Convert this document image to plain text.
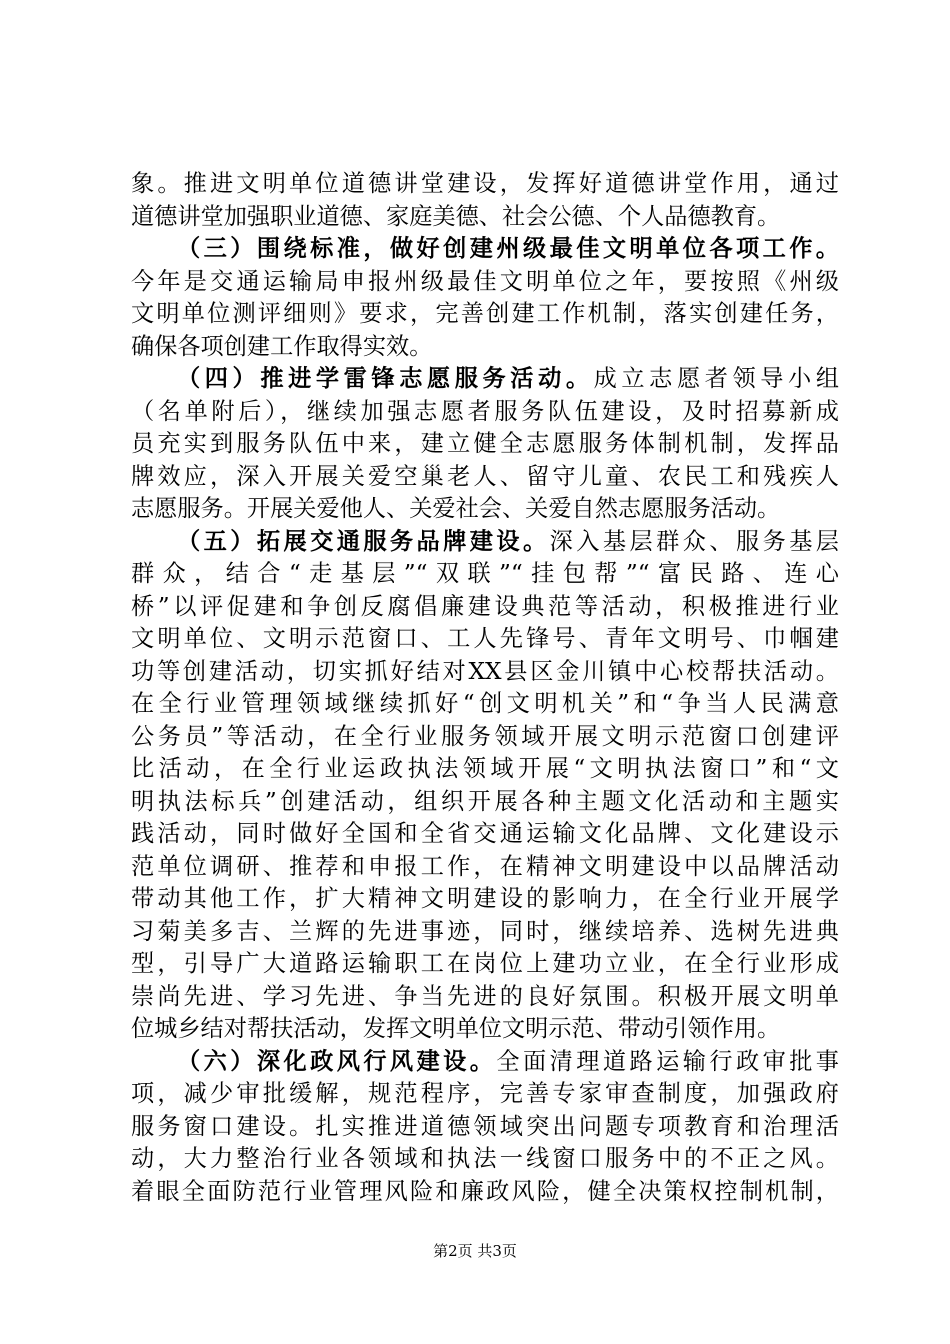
象。推进文明单位道德讲堂建设，发挥好道德讲堂作用，通过
道德讲堂加强职业道德、家庭美德、社会公德、个人品德教育。
（三）围绕标准，做好创建州级最佳文明单位各项工作。
今年是交通运输局申报州级最佳文明单位之年，要按照《州级
文明单位测评细则》要求，完善创建工作机制，落实创建任务，
确保各项创建工作取得实效。
（四）推进学雷锋志愿服务活动。成立志愿者领导小组
（名单附后），继续加强志愿者服务队伍建设，及时招募新成
员充实到服务队伍中来，建立健全志愿服务体制机制，发挥品
牌效应，深入开展关爱空巢老人、留守儿童、农民工和残疾人
志愿服务。开展关爱他人、关爱社会、关爱自然志愿服务活动。
（五）拓展交通服务品牌建设。深入基层群众、服务基层
群众，结合“走基层”“双联”“挂包帮”“富民路、连心
桥”以评促建和争创反腐倡廉建设典范等活动，积极推进行业
文明单位、文明示范窗口、工人先锋号、青年文明号、巾帼建
功等创建活动，切实抓好结对XX县区金川镇中心校帮扶活动。
在全行业管理领域继续抓好“创文明机关”和“争当人民满意
公务员”等活动，在全行业服务领域开展文明示范窗口创建评
比活动，在全行业运政执法领域开展“文明执法窗口”和“文
明执法标兵”创建活动，组织开展各种主题文化活动和主题实
践活动，同时做好全国和全省交通运输文化品牌、文化建设示
范单位调研、推荐和申报工作，在精神文明建设中以品牌活动
带动其他工作，扩大精神文明建设的影响力，在全行业开展学
习菊美多吉、兰辉的先进事迹，同时，继续培养、选树先进典
型，引导广大道路运输职工在岗位上建功立业，在全行业形成
崇尚先进、学习先进、争当先进的良好氛围。积极开展文明单
位城乡结对帮扶活动，发挥文明单位文明示范、带动引领作用。
（六）深化政风行风建设。全面清理道路运输行政审批事
项，减少审批缓解，规范程序，完善专家审查制度，加强政府
服务窗口建设。扎实推进道德领域突出问题专项教育和治理活
动，大力整治行业各领域和执法一线窗口服务中的不正之风。
着眼全面防范行业管理风险和廉政风险，健全决策权控制机制，
第2页 共3页
